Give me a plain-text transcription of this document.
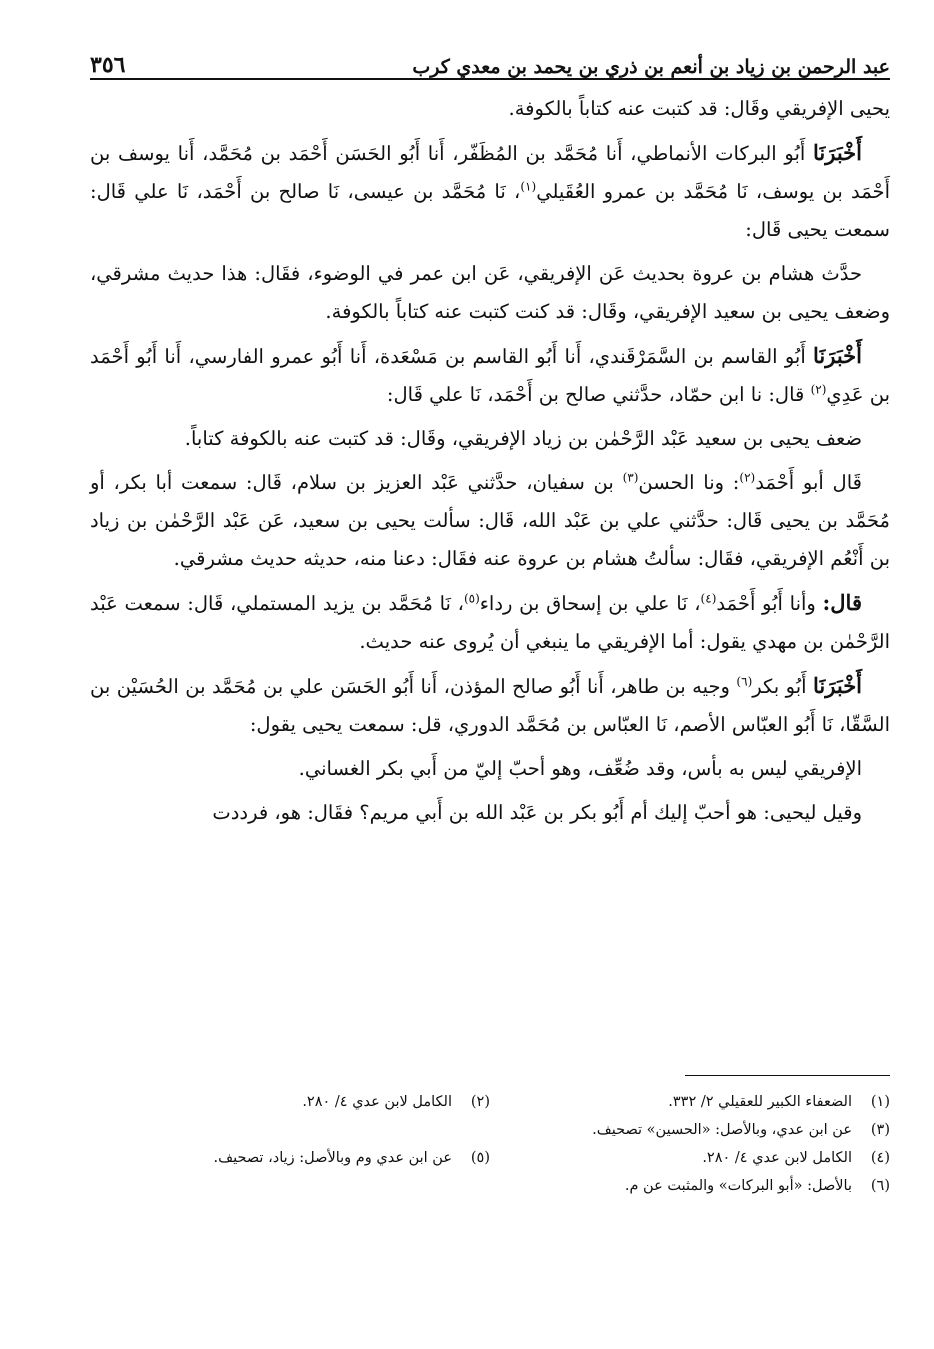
عبد الرحمن بن زياد بن أنعم بن ذري بن يحمد بن معدي كرب
٣٥٦

يحيى الإفريقي وقَال: قد كتبت عنه كتاباً بالكوفة.

أَخْبَرَنَا أَبُو البركات الأنماطي، أَنا مُحَمَّد بن المُظَفّر، أَنا أَبُو الحَسَن أَحْمَد بن مُحَمَّد، أَنا يوسف بن أَحْمَد بن يوسف، نَا مُحَمَّد بن عمرو العُقَيلي$^{(١)}$، نَا مُحَمَّد بن عيسى، نَا صالح بن أَحْمَد، نَا علي قَال: سمعت يحيى قَال:

حدَّث هشام بن عروة بحديث عَن الإفريقي، عَن ابن عمر في الوضوء، فقَال: هذا حديث مشرقي، وضعف يحيى بن سعيد الإفريقي، وقَال: قد كنت كتبت عنه كتاباً بالكوفة.

أَخْبَرَنَا أَبُو القاسم بن السَّمَرْقَندي، أَنا أَبُو القاسم بن مَسْعَدة، أَنا أَبُو عمرو الفارسي، أَنا أَبُو أَحْمَد بن عَدِي$^{(٢)}$ قال: نا ابن حمّاد، حدَّثني صالح بن أَحْمَد، نَا علي قَال:

ضعف يحيى بن سعيد عَبْد الرَّحْمٰن بن زياد الإفريقي، وقَال: قد كتبت عنه بالكوفة كتاباً.

قَال أبو أَحْمَد$^{(٢)}$: ونا الحسن$^{(٣)}$ بن سفيان، حدَّثني عَبْد العزيز بن سلام، قَال: سمعت أبا بكر، أو مُحَمَّد بن يحيى قَال: حدَّثني علي بن عَبْد الله، قَال: سألت يحيى بن سعيد، عَن عَبْد الرَّحْمٰن بن زياد بن أَنْعُم الإفريقي، فقَال: سألتُ هشام بن عروة عنه فقَال: دعنا منه، حديثه حديث مشرقي.

قال: وأنا أَبُو أَحْمَد$^{(٤)}$، نَا علي بن إسحاق بن رداء$^{(٥)}$، نَا مُحَمَّد بن يزيد المستملي، قَال: سمعت عَبْد الرَّحْمٰن بن مهدي يقول: أما الإفريقي ما ينبغي أن يُروى عنه حديث.

أَخْبَرَنَا أَبُو بكر$^{(٦)}$ وجيه بن طاهر، أَنا أَبُو صالح المؤذن، أَنا أَبُو الحَسَن علي بن مُحَمَّد بن الحُسَيْن بن السَّقّا، نَا أَبُو العبّاس الأصم، نَا العبّاس بن مُحَمَّد الدوري، قل: سمعت يحيى يقول:

الإفريقي ليس به بأس، وقد ضُعِّف، وهو أحبّ إليّ من أَبي بكر الغساني.

وقيل ليحيى: هو أحبّ إليك أم أَبُو بكر بن عَبْد الله بن أَبي مريم؟ فقَال: هو، فرددت

(١)
الضعفاء الكبير للعقيلي ٢/ ٣٣٢.
(٢)
الكامل لابن عدي ٤/ ٢٨٠.
(٣)
عن ابن عدي، وبالأصل: «الحسين» تصحيف.
(٤)
الكامل لابن عدي ٤/ ٢٨٠.
(٥)
عن ابن عدي وم وبالأصل: زياد، تصحيف.
(٦)
بالأصل: «أبو البركات» والمثبت عن م.
